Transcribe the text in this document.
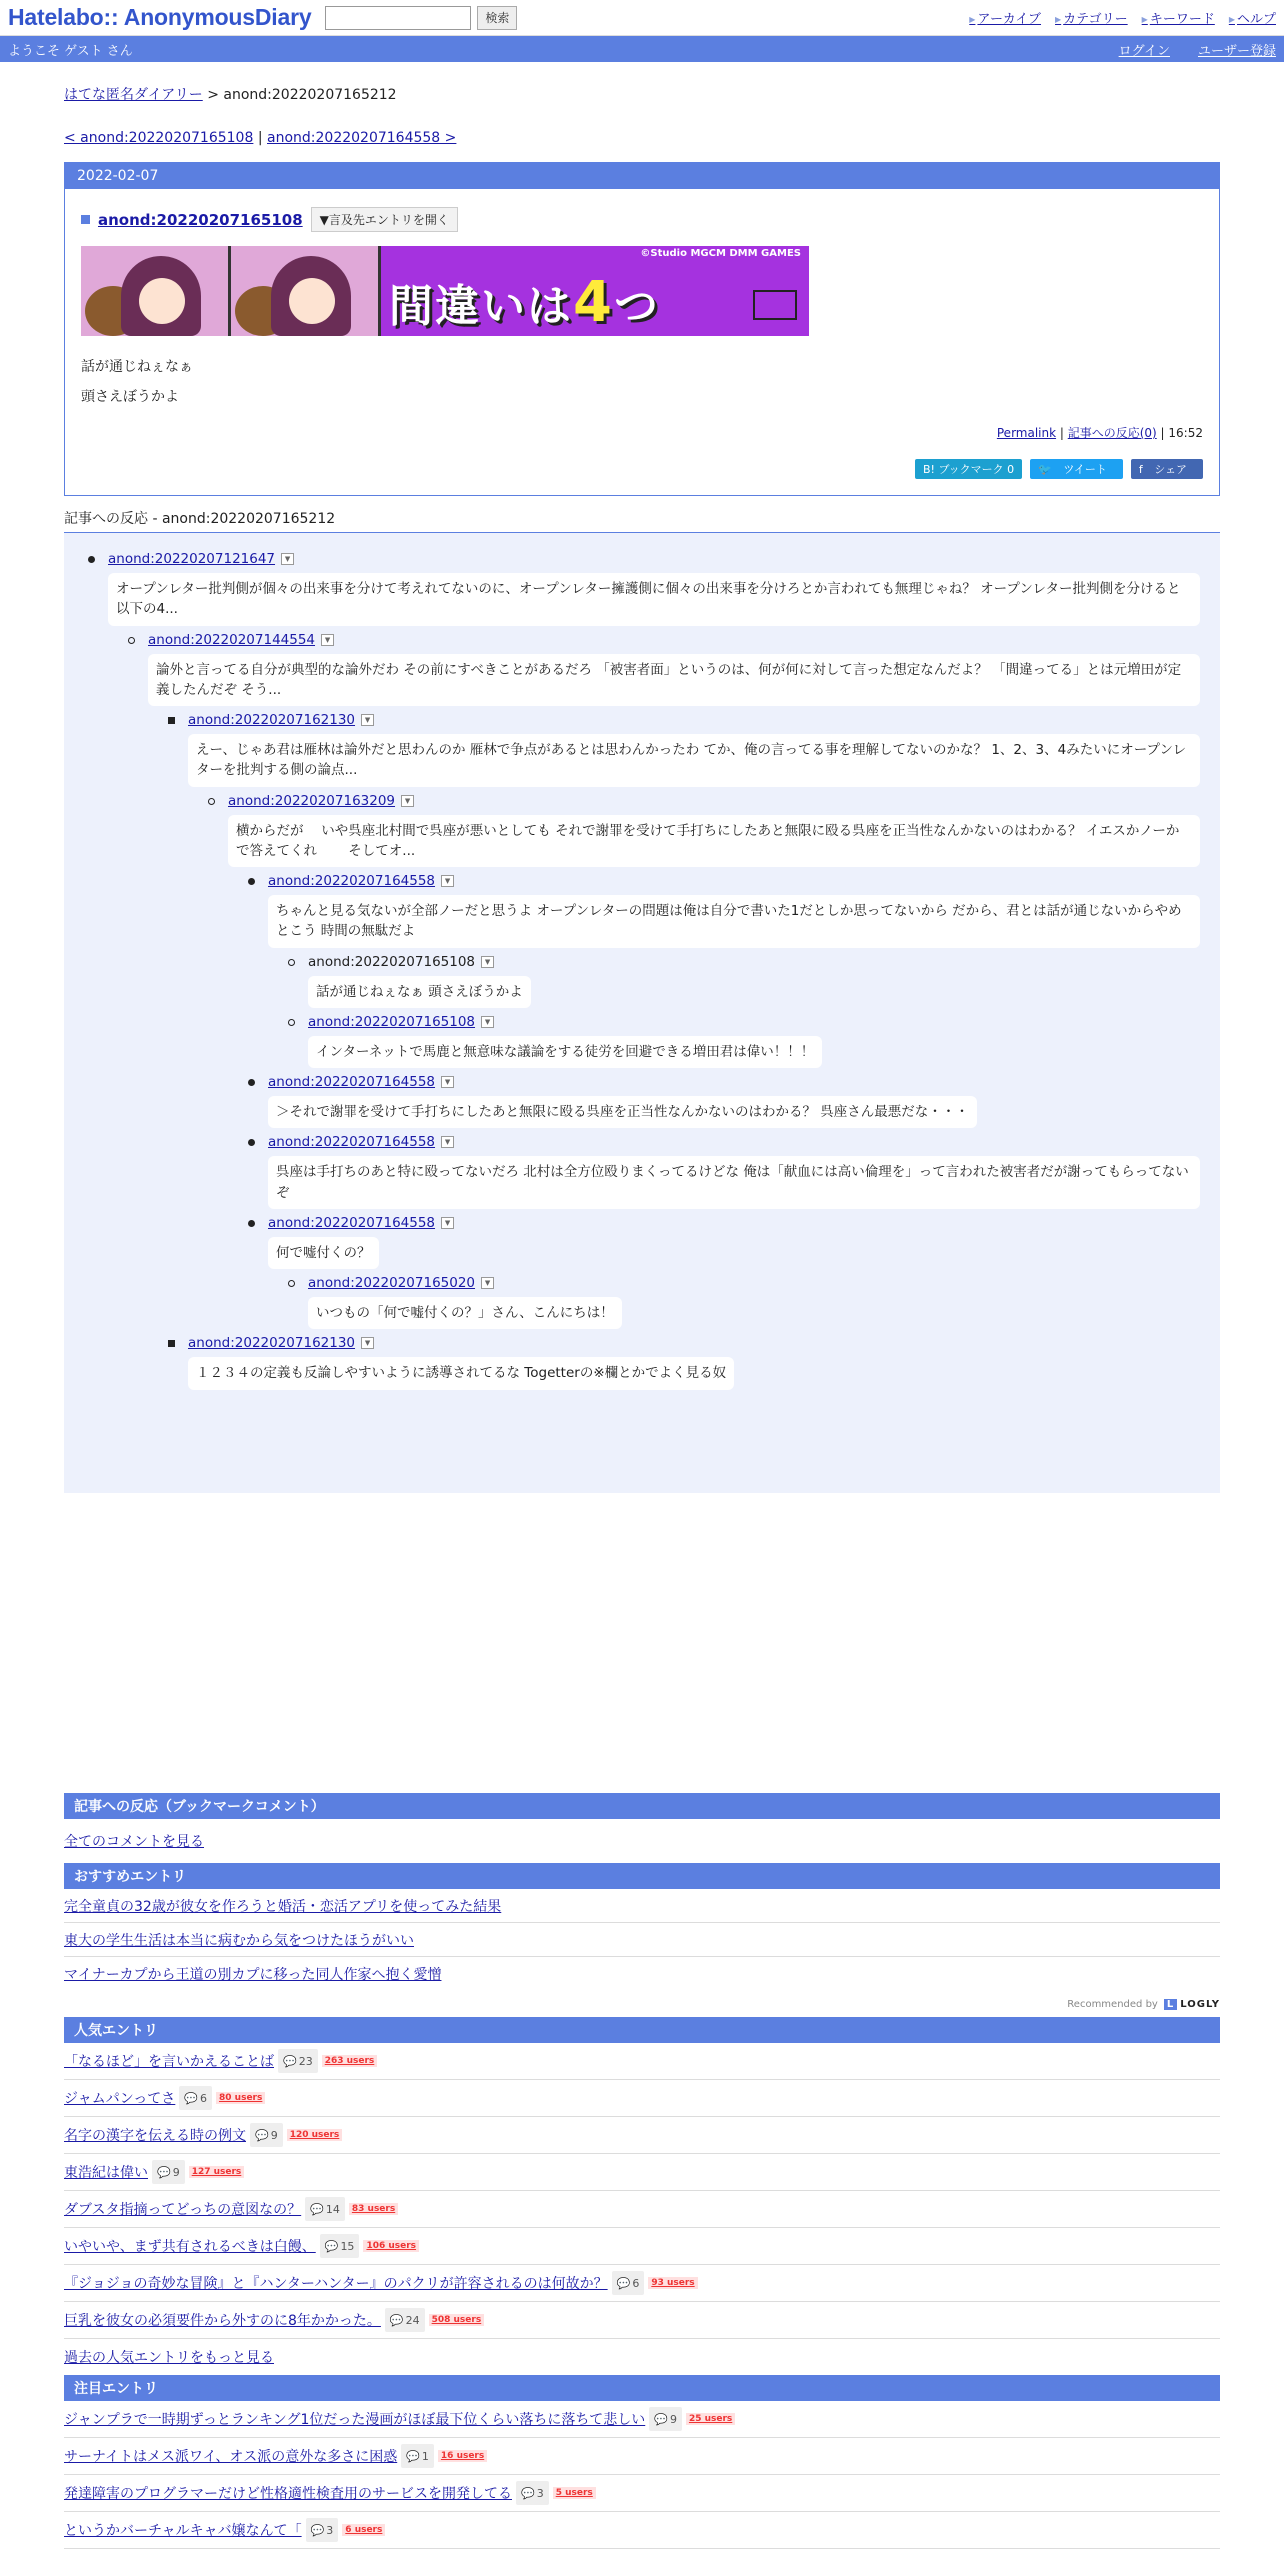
Hatelabo:: AnonymousDiary	検索	▶ アーカイブ	▶ カテゴリー	▶ キーワード	▶ ヘルプ
ようこそ ゲスト さん	ログイン ユーザー登録
はてな匿名ダイアリー > anond:20220207165212
< anond:20220207165108 | anond:20220207164558 >
2022-02-07
anond:20220207165108	▼言及先エントリを開く
©Studio MGCM DMM GAMES
間違いは4つ

話が通じねぇなぁ

頭さえぼうかよ

Permalink | 記事への反応(0) | 16:52
B! ブックマーク 0	🐦 ツイート	f シェア
記事への反応 - anond:20220207165212
anond:20220207121647	▼
オープンレター批判側が個々の出来事を分けて考えれてないのに、オープンレター擁護側に個々の出来事を分けろとか言われても無理じゃね？ オープンレター批判側を分けると以下の4...
anond:20220207144554	▼
論外と言ってる自分が典型的な論外だわ その前にすべきことがあるだろ 「被害者面」というのは、何が何に対して言った想定なんだよ？ 「間違ってる」とは元増田が定義したんだぞ そう...
anond:20220207162130	▼
えー、じゃあ君は雁林は論外だと思わんのか 雁林で争点があるとは思わんかったわ てか、俺の言ってる事を理解してないのかな？ 1、2、3、4みたいにオープンレターを批判する側の論点...
anond:20220207163209	▼
横からだが　 いや呉座北村間で呉座が悪いとしても それで謝罪を受けて手打ちにしたあと無限に殴る呉座を正当性なんかないのはわかる？ イエスかノーかで答えてくれ　　 そしてオ...
anond:20220207164558	▼
ちゃんと見る気ないが全部ノーだと思うよ オープンレターの問題は俺は自分で書いた1だとしか思ってないから だから、君とは話が通じないからやめとこう 時間の無駄だよ
anond:20220207165108	▼
話が通じねぇなぁ 頭さえぼうかよ
anond:20220207165108	▼
インターネットで馬鹿と無意味な議論をする徒労を回避できる増田君は偉い！！！
anond:20220207164558	▼
＞それで謝罪を受けて手打ちにしたあと無限に殴る呉座を正当性なんかないのはわかる？ 呉座さん最悪だな・・・
anond:20220207164558	▼
呉座は手打ちのあと特に殴ってないだろ 北村は全方位殴りまくってるけどな 俺は「献血には高い倫理を」って言われた被害者だが謝ってもらってないぞ
anond:20220207164558	▼
何で嘘付くの？
anond:20220207165020	▼
いつもの「何で嘘付くの？」さん、こんにちは！
anond:20220207162130	▼
１２３４の定義も反論しやすいように誘導されてるな Togetterの※欄とかでよく見る奴
記事への反応（ブックマークコメント）
全てのコメントを見る
おすすめエントリ
完全童貞の32歳が彼女を作ろうと婚活・恋活アプリを使ってみた結果
東大の学生生活は本当に病むから気をつけたほうがいい
マイナーカプから王道の別カプに移った同人作家へ抱く愛憎
Recommended by L LOGLY
人気エントリ
「なるほど」を言いかえることば 💬 23	263 users
ジャムパンってさ 💬 6	80 users
名字の漢字を伝える時の例文 💬 9	120 users
東浩紀は偉い 💬 9	127 users
ダブスタ指摘ってどっちの意図なの？ 💬 14	83 users
いやいや、まず共有されるべきは白饅、 💬 15	106 users
『ジョジョの奇妙な冒険』と『ハンターハンター』のパクリが許容されるのは何故か？ 💬 6	93 users
巨乳を彼女の必須要件から外すのに8年かかった。 💬 24	508 users
過去の人気エントリをもっと見る
注目エントリ
ジャンプラで一時期ずっとランキング1位だった漫画がほぼ最下位くらい落ちに落ちて悲しい 💬 9	25 users
サーナイトはメス派ワイ、オス派の意外な多さに困惑 💬 1	16 users
発達障害のプログラマーだけど性格適性検査用のサービスを開発してる 💬 3	5 users
というかバーチャルキャバ嬢なんて「 💬 3	6 users
